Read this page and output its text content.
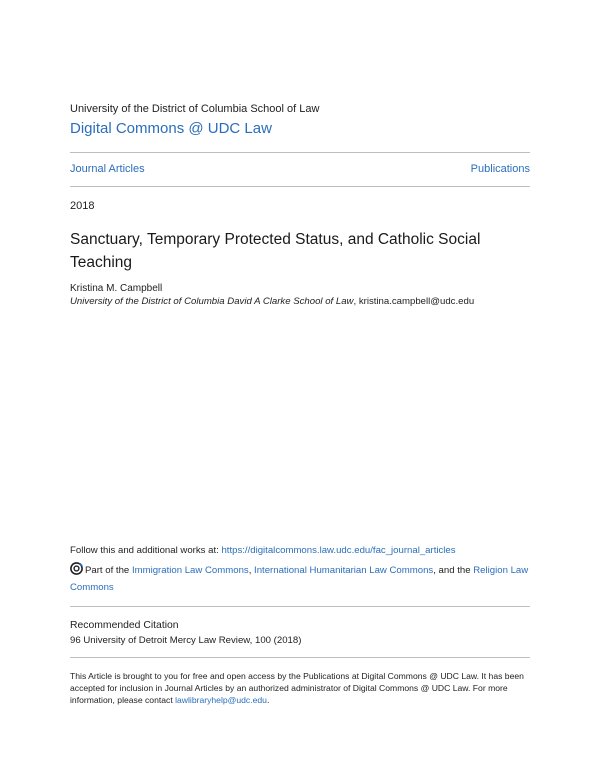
University of the District of Columbia School of Law
Digital Commons @ UDC Law
Journal Articles	Publications
2018
Sanctuary, Temporary Protected Status, and Catholic Social Teaching
Kristina M. Campbell
University of the District of Columbia David A Clarke School of Law, kristina.campbell@udc.edu
Follow this and additional works at: https://digitalcommons.law.udc.edu/fac_journal_articles
Part of the Immigration Law Commons, International Humanitarian Law Commons, and the Religion Law Commons
Recommended Citation
96 University of Detroit Mercy Law Review, 100 (2018)
This Article is brought to you for free and open access by the Publications at Digital Commons @ UDC Law. It has been accepted for inclusion in Journal Articles by an authorized administrator of Digital Commons @ UDC Law. For more information, please contact lawlibraryhelp@udc.edu.
